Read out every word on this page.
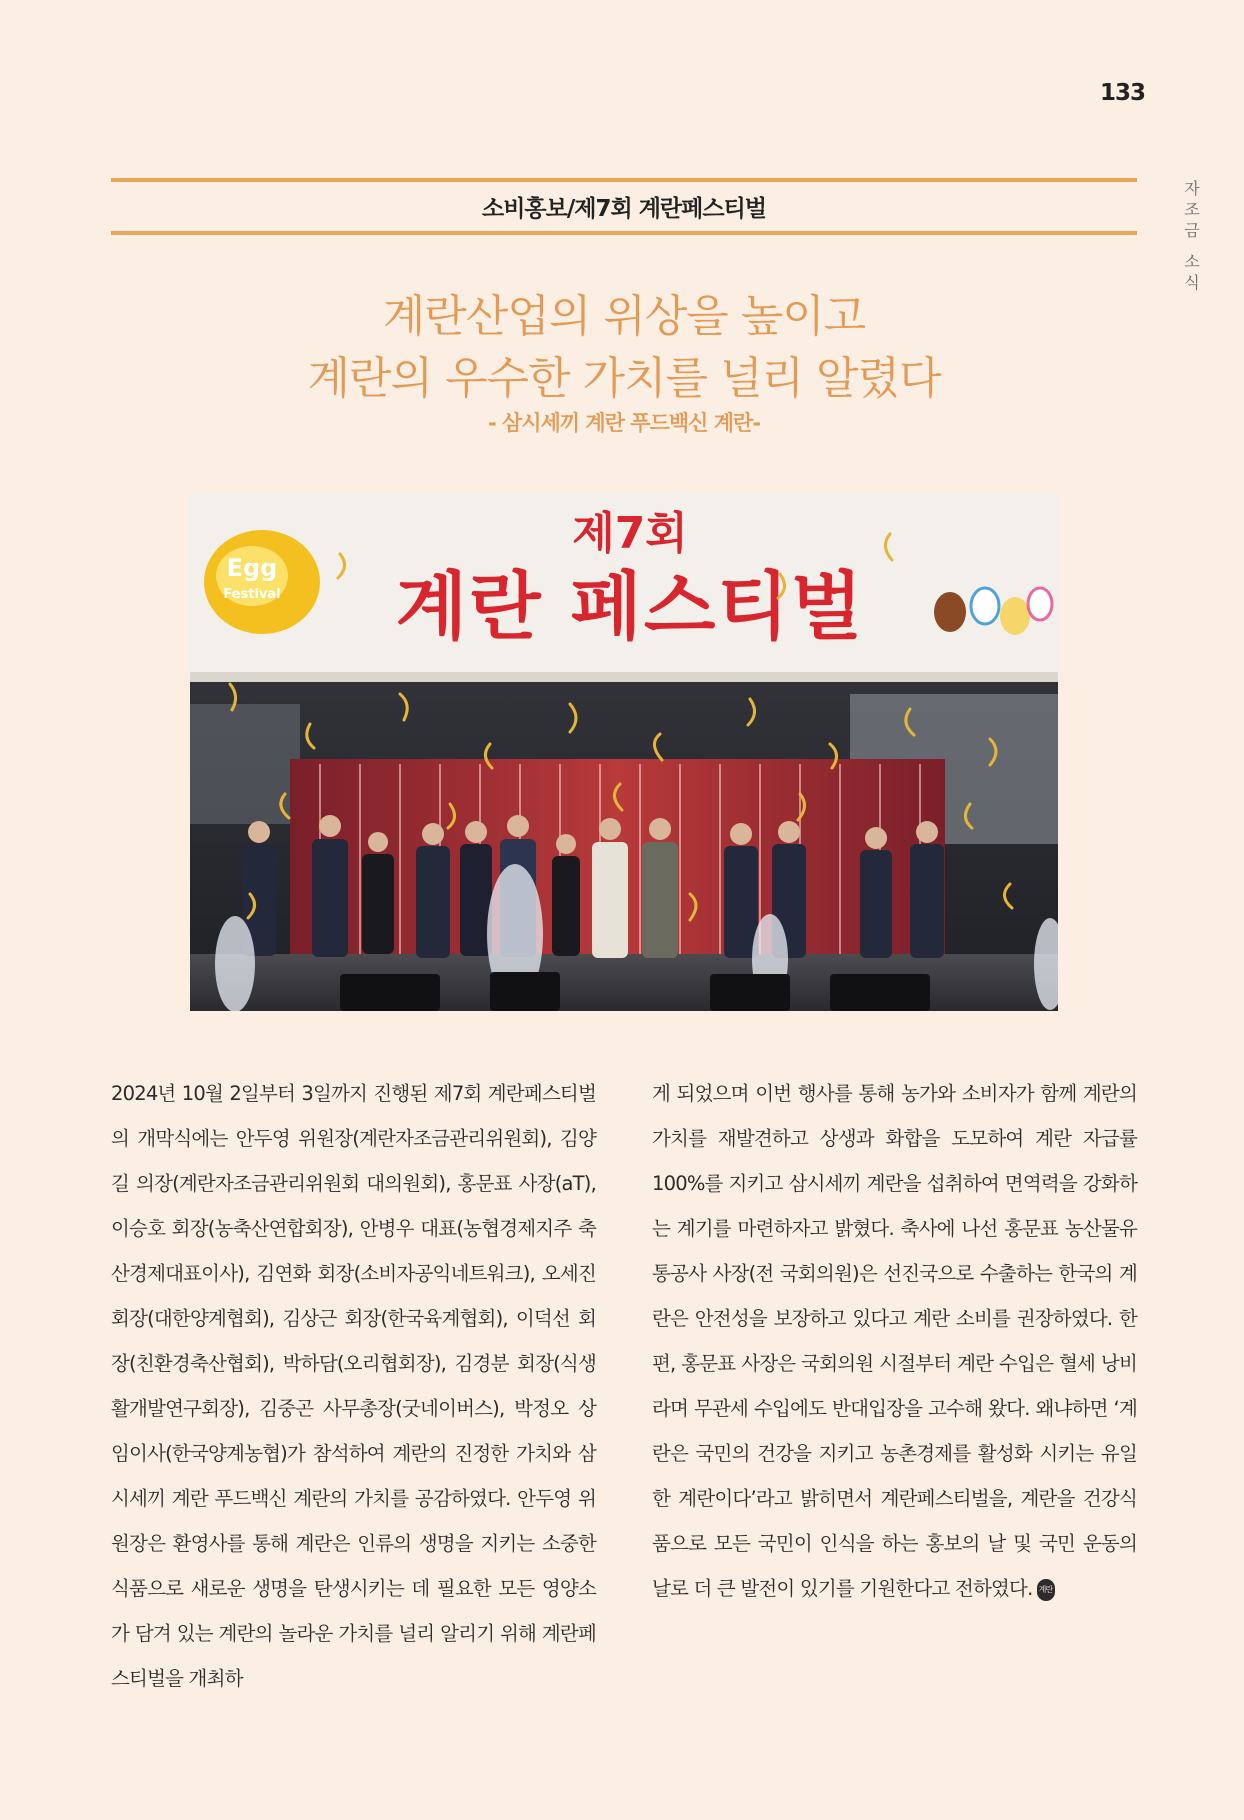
133
자
조
금
소
식
소비홍보/제7회 계란페스티벌
계란산업의 위상을 높이고
계란의 우수한 가치를 널리 알렸다
- 삼시세끼 계란 푸드백신 계란-
Egg
Festival
제7회
계란 페스티벌

2024년 10월 2일부터 3일까지 진행된 제7회 계란페스티벌의 개막식에는 안두영 위원장(계란자조금관리위원회), 김양길 의장(계란자조금관리위원회 대의원회), 홍문표 사장(aT), 이승호 회장(농축산연합회장), 안병우 대표(농협경제지주 축산경제대표이사), 김연화 회장(소비자공익네트워크), 오세진 회장(대한양계협회), 김상근 회장(한국육계협회), 이덕선 회장(친환경축산협회), 박하담(오리협회장), 김경분 회장(식생활개발연구회장), 김중곤 사무총장(굿네이버스), 박정오 상임이사(한국양계농협)가 참석하여 계란의 진정한 가치와 삼시세끼 계란 푸드백신 계란의 가치를 공감하였다. 안두영 위원장은 환영사를 통해 계란은 인류의 생명을 지키는 소중한 식품으로 새로운 생명을 탄생시키는 데 필요한 모든 영양소가 담겨 있는 계란의 놀라운 가치를 널리 알리기 위해 계란페스티벌을 개최하

게 되었으며 이번 행사를 통해 농가와 소비자가 함께 계란의 가치를 재발견하고 상생과 화합을 도모하여 계란 자급률 100%를 지키고 삼시세끼 계란을 섭취하여 면역력을 강화하는 계기를 마련하자고 밝혔다. 축사에 나선 홍문표 농산물유통공사 사장(전 국회의원)은 선진국으로 수출하는 한국의 계란은 안전성을 보장하고 있다고 계란 소비를 권장하였다. 한편, 홍문표 사장은 국회의원 시절부터 계란 수입은 혈세 낭비라며 무관세 수입에도 반대입장을 고수해 왔다. 왜냐하면 ‘계란은 국민의 건강을 지키고 농촌경제를 활성화 시키는 유일한 계란이다’라고 밝히면서 계란페스티벌을, 계란을 건강식품으로 모든 국민이 인식을 하는 홍보의 날 및 국민 운동의 날로 더 큰 발전이 있기를 기원한다고 전하였다. 계란
